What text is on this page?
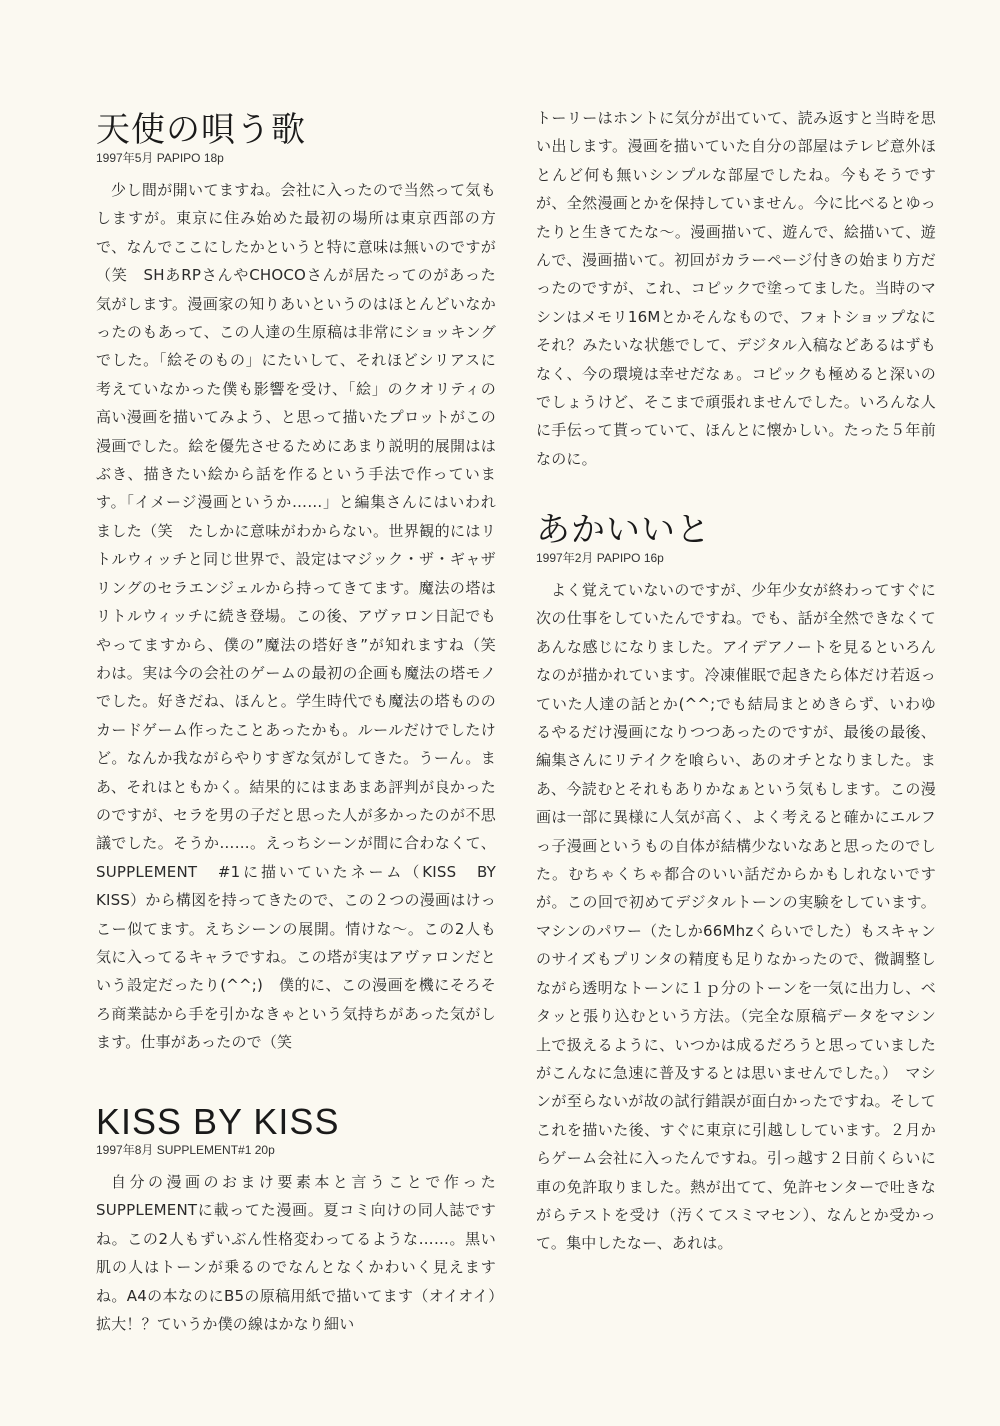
天使の唄う歌
1997年5月 PAPIPO 18p

少し間が開いてますね。会社に入ったので当然って気もしますが。東京に住み始めた最初の場所は東京西部の方で、なんでここにしたかというと特に意味は無いのですが（笑　SHあRPさんやCHOCOさんが居たってのがあった気がします。漫画家の知りあいというのはほとんどいなかったのもあって、この人達の生原稿は非常にショッキングでした。「絵そのもの」にたいして、それほどシリアスに考えていなかった僕も影響を受け、「絵」のクオリティの高い漫画を描いてみよう、と思って描いたプロットがこの漫画でした。絵を優先させるためにあまり説明的展開ははぶき、描きたい絵から話を作るという手法で作っています。「イメージ漫画というか……」と編集さんにはいわれました（笑　たしかに意味がわからない。世界観的にはリトルウィッチと同じ世界で、設定はマジック・ザ・ギャザリングのセラエンジェルから持ってきてます。魔法の塔はリトルウィッチに続き登場。この後、アヴァロン日記でもやってますから、僕の”魔法の塔好き”が知れますね（笑　わは。実は今の会社のゲームの最初の企画も魔法の塔モノでした。好きだね、ほんと。学生時代でも魔法の塔もののカードゲーム作ったことあったかも。ルールだけでしたけど。なんか我ながらやりすぎな気がしてきた。うーん。まあ、それはともかく。結果的にはまあまあ評判が良かったのですが、セラを男の子だと思った人が多かったのが不思議でした。そうか……。えっちシーンが間に合わなくて、SUPPLEMENT　#1に描いていたネーム（KISS　BY　KISS）から構図を持ってきたので、この２つの漫画はけっこー似てます。えちシーンの展開。情けな～。この2人も気に入ってるキャラですね。この塔が実はアヴァロンだという設定だったり(^^;)　僕的に、この漫画を機にそろそろ商業誌から手を引かなきゃという気持ちがあった気がします。仕事があったので（笑

KISS BY KISS
1997年8月 SUPPLEMENT#1 20p

自分の漫画のおまけ要素本と言うことで作ったSUPPLEMENTに載ってた漫画。夏コミ向けの同人誌ですね。この2人もずいぶん性格変わってるような……。黒い肌の人はトーンが乗るのでなんとなくかわいく見えますね。A4の本なのにB5の原稿用紙で描いてます（オイオイ）　拡大！？ていうか僕の線はかなり細い

トーリーはホントに気分が出ていて、読み返すと当時を思い出します。漫画を描いていた自分の部屋はテレビ意外ほとんど何も無いシンプルな部屋でしたね。今もそうですが、全然漫画とかを保持していません。今に比べるとゆったりと生きてたな～。漫画描いて、遊んで、絵描いて、遊んで、漫画描いて。初回がカラーページ付きの始まり方だったのですが、これ、コピックで塗ってました。当時のマシンはメモリ16Mとかそんなもので、フォトショップなにそれ？みたいな状態でして、デジタル入稿などあるはずもなく、今の環境は幸せだなぁ。コピックも極めると深いのでしょうけど、そこまで頑張れませんでした。いろんな人に手伝って貰っていて、ほんとに懐かしい。たった５年前なのに。

あかいいと
1997年2月 PAPIPO 16p

よく覚えていないのですが、少年少女が終わってすぐに次の仕事をしていたんですね。でも、話が全然できなくてあんな感じになりました。アイデアノートを見るといろんなのが描かれています。冷凍催眠で起きたら体だけ若返っていた人達の話とか(^^;でも結局まとめきらず、いわゆるやるだけ漫画になりつつあったのですが、最後の最後、編集さんにリテイクを喰らい、あのオチとなりました。まあ、今読むとそれもありかなぁという気もします。この漫画は一部に異様に人気が高く、よく考えると確かにエルフっ子漫画というもの自体が結構少ないなあと思ったのでした。むちゃくちゃ都合のいい話だからかもしれないですが。この回で初めてデジタルトーンの実験をしています。マシンのパワー（たしか66Mhzくらいでした）もスキャンのサイズもプリンタの精度も足りなかったので、微調整しながら透明なトーンに１ｐ分のトーンを一気に出力し、ベタッと張り込むという方法。（完全な原稿データをマシン上で扱えるように、いつかは成るだろうと思っていましたがこんなに急速に普及するとは思いませんでした。）　マシンが至らないが故の試行錯誤が面白かったですね。そしてこれを描いた後、すぐに東京に引越ししています。２月からゲーム会社に入ったんですね。引っ越す２日前くらいに車の免許取りました。熱が出てて、免許センターで吐きながらテストを受け（汚くてスミマセン）、なんとか受かって。集中したなー、あれは。
